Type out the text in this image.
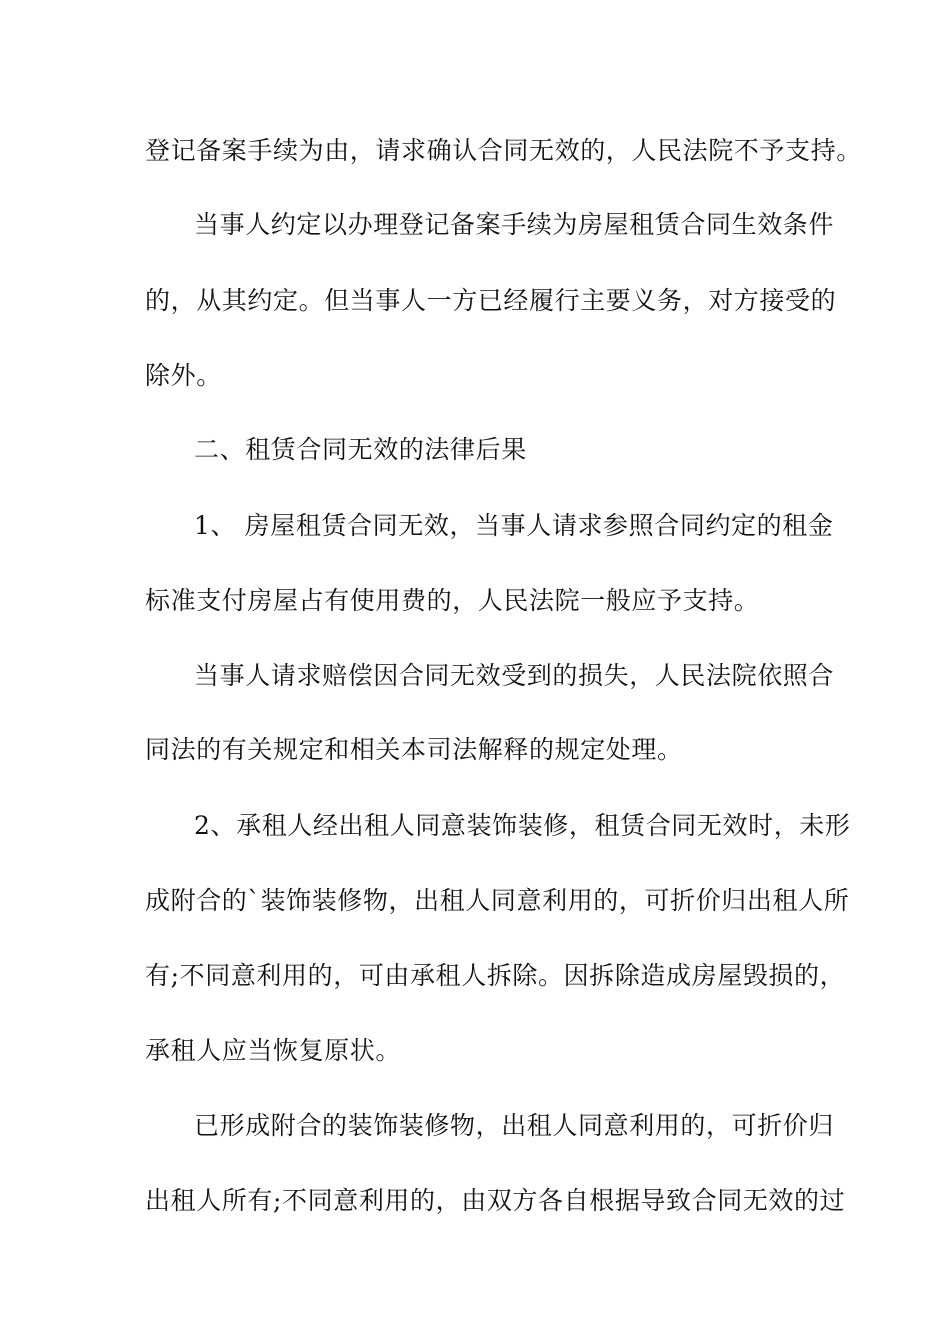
登记备案手续为由，请求确认合同无效的，人民法院不予支持。
当事人约定以办理登记备案手续为房屋租赁合同生效条件
的，从其约定。但当事人一方已经履行主要义务，对方接受的
除外。
二、租赁合同无效的法律后果
1、 房屋租赁合同无效，当事人请求参照合同约定的租金
标准支付房屋占有使用费的，人民法院一般应予支持。
当事人请求赔偿因合同无效受到的损失，人民法院依照合
同法的有关规定和相关本司法解释的规定处理。
2、承租人经出租人同意装饰装修，租赁合同无效时，未形
成附合的`装饰装修物，出租人同意利用的，可折价归出租人所
有;不同意利用的，可由承租人拆除。因拆除造成房屋毁损的，
承租人应当恢复原状。
已形成附合的装饰装修物，出租人同意利用的，可折价归
出租人所有;不同意利用的，由双方各自根据导致合同无效的过
